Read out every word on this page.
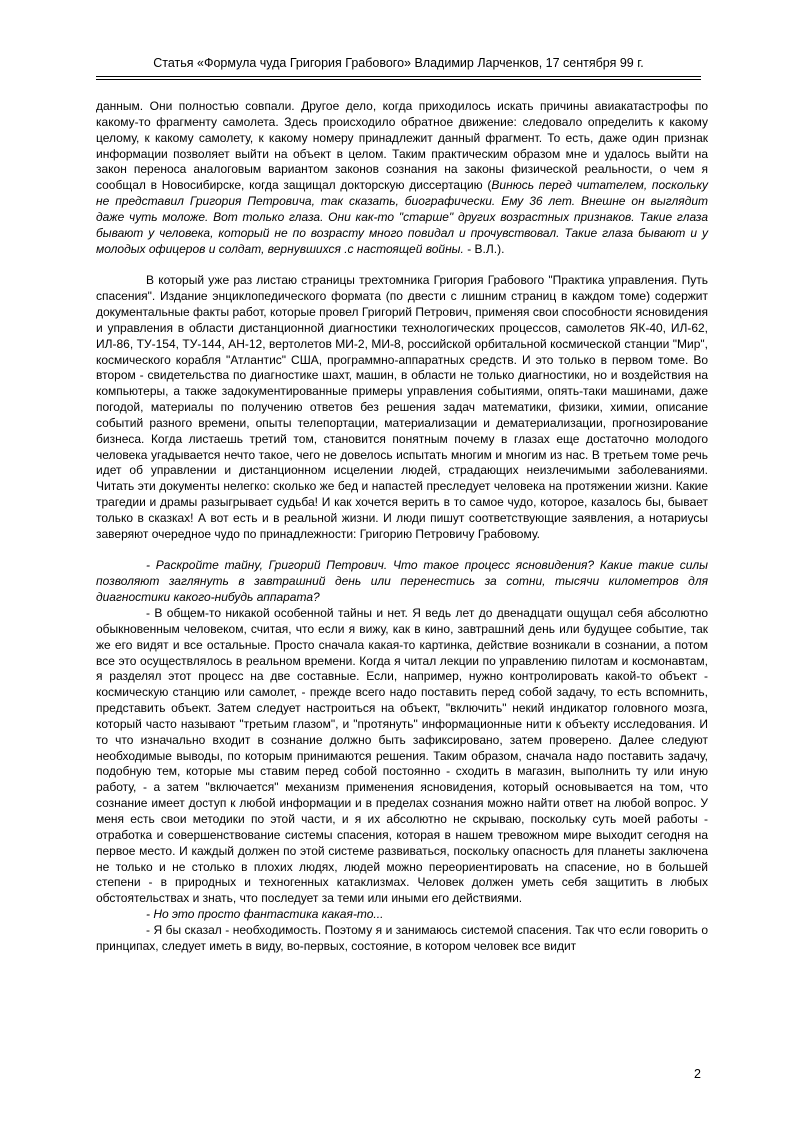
Статья «Формула чуда Григория Грабового» Владимир Ларченков, 17 сентября 99 г.

данным. Они полностью совпали. Другое дело, когда приходилось искать причины авиакатастрофы по какому-то фрагменту самолета. Здесь происходило обратное движение: следовало определить к какому целому, к какому самолету, к какому номеру принадлежит данный фрагмент. То есть, даже один признак информации позволяет выйти на объект в целом. Таким практическим образом мне и удалось выйти на закон переноса аналоговым вариантом законов сознания на законы физической реальности, о чем я сообщал в Новосибирске, когда защищал докторскую диссертацию (Винюсь перед читателем, поскольку не представил Григория Петровича, так сказать, биографически. Ему 36 лет. Внешне он выглядит даже чуть моложе. Вот только глаза. Они как-то "старше" других возрастных признаков. Такие глаза бывают у человека, который не по возрасту много повидал и прочувствовал. Такие глаза бывают и у молодых офицеров и солдат, вернувшихся .с настоящей войны. - В.Л.).

В который уже раз листаю страницы трехтомника Григория Грабового "Практика управления. Путь спасения". Издание энциклопедического формата (по двести с лишним страниц в каждом томе) содержит документальные факты работ, которые провел Григорий Петрович, применяя свои способности ясновидения и управления в области дистанционной диагностики технологических процессов, самолетов ЯК-40, ИЛ-62, ИЛ-86, ТУ-154, ТУ-144, АН-12, вертолетов МИ-2, МИ-8, российской орбитальной космической станции "Мир", космического корабля "Атлантис" США, программно-аппаратных средств. И это только в первом томе. Во втором - свидетельства по диагностике шахт, машин, в области не только диагностики, но и воздействия на компьютеры, а также задокументированные примеры управления событиями, опять-таки машинами, даже погодой, материалы по получению ответов без решения задач математики, физики, химии, описание событий разного времени, опыты телепортации, материализации и дематериализации, прогнозирование бизнеса. Когда листаешь третий том, становится понятным почему в глазах еще достаточно молодого человека угадывается нечто такое, чего не довелось испытать многим и многим из нас. В третьем томе речь идет об управлении и дистанционном исцелении людей, страдающих неизлечимыми заболеваниями. Читать эти документы нелегко: сколько же бед и напастей преследует человека на протяжении жизни. Какие трагедии и драмы разыгрывает судьба! И как хочется верить в то самое чудо, которое, казалось бы, бывает только в сказках! А вот есть и в реальной жизни. И люди пишут соответствующие заявления, а нотариусы заверяют очередное чудо по принадлежности: Григорию Петровичу Грабовому.

- Раскройте тайну, Григорий Петрович. Что такое процесс ясновидения? Какие такие силы позволяют заглянуть в завтрашний день или перенестись за сотни, тысячи километров для диагностики какого-нибудь аппарата?

- В общем-то никакой особенной тайны и нет. Я ведь лет до двенадцати ощущал себя абсолютно обыкновенным человеком, считая, что если я вижу, как в кино, завтрашний день или будущее событие, так же его видят и все остальные. Просто сначала какая-то картинка, действие возникали в сознании, а потом все это осуществлялось в реальном времени. Когда я читал лекции по управлению пилотам и космонавтам, я разделял этот процесс на две составные. Если, например, нужно контролировать какой-то объект - космическую станцию или самолет, - прежде всего надо поставить перед собой задачу, то есть вспомнить, представить объект. Затем следует настроиться на объект, "включить" некий индикатор головного мозга, который часто называют "третьим глазом", и "протянуть" информационные нити к объекту исследования. И то что изначально входит в сознание должно быть зафиксировано, затем проверено. Далее следуют необходимые выводы, по которым принимаются решения. Таким образом, сначала надо поставить задачу, подобную тем, которые мы ставим перед собой постоянно - сходить в магазин, выполнить ту или иную работу, - а затем "включается" механизм применения ясновидения, который основывается на том, что сознание имеет доступ к любой информации и в пределах сознания можно найти ответ на любой вопрос. У меня есть свои методики по этой части, и я их абсолютно не скрываю, поскольку суть моей работы - отработка и совершенствование системы спасения, которая в нашем тревожном мире выходит сегодня на первое место. И каждый должен по этой системе развиваться, поскольку опасность для планеты заключена не только и не столько в плохих людях, людей можно переориентировать на спасение, но в большей степени - в природных и техногенных катаклизмах. Человек должен уметь себя защитить в любых обстоятельствах и знать, что последует за теми или иными его действиями.

- Но это просто фантастика какая-то...

- Я бы сказал - необходимость. Поэтому я и занимаюсь системой спасения. Так что если говорить о принципах, следует иметь в виду, во-первых, состояние, в котором человек все видит

2
